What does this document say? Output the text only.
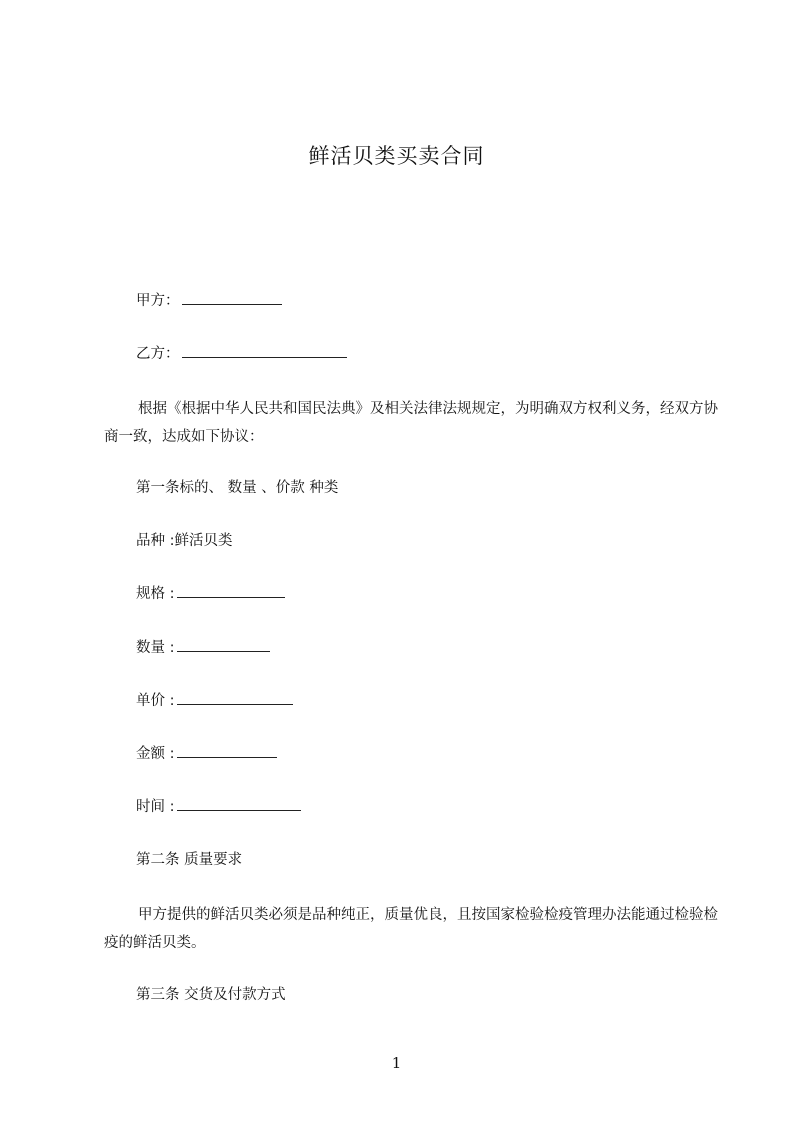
鲜活贝类买卖合同
甲方：
乙方：
根据《根据中华人民共和国民法典》及相关法律法规规定，为明确双方权利义务，经双方协商一致，达成如下协议：
第一条标的、 数量 、价款 种类
品种 :鲜活贝类
规格 :
数量 :
单价 :
金额 :
时间 :
第二条 质量要求
甲方提供的鲜活贝类必须是品种纯正，质量优良，且按国家检验检疫管理办法能通过检验检疫的鲜活贝类。
第三条 交货及付款方式
1
